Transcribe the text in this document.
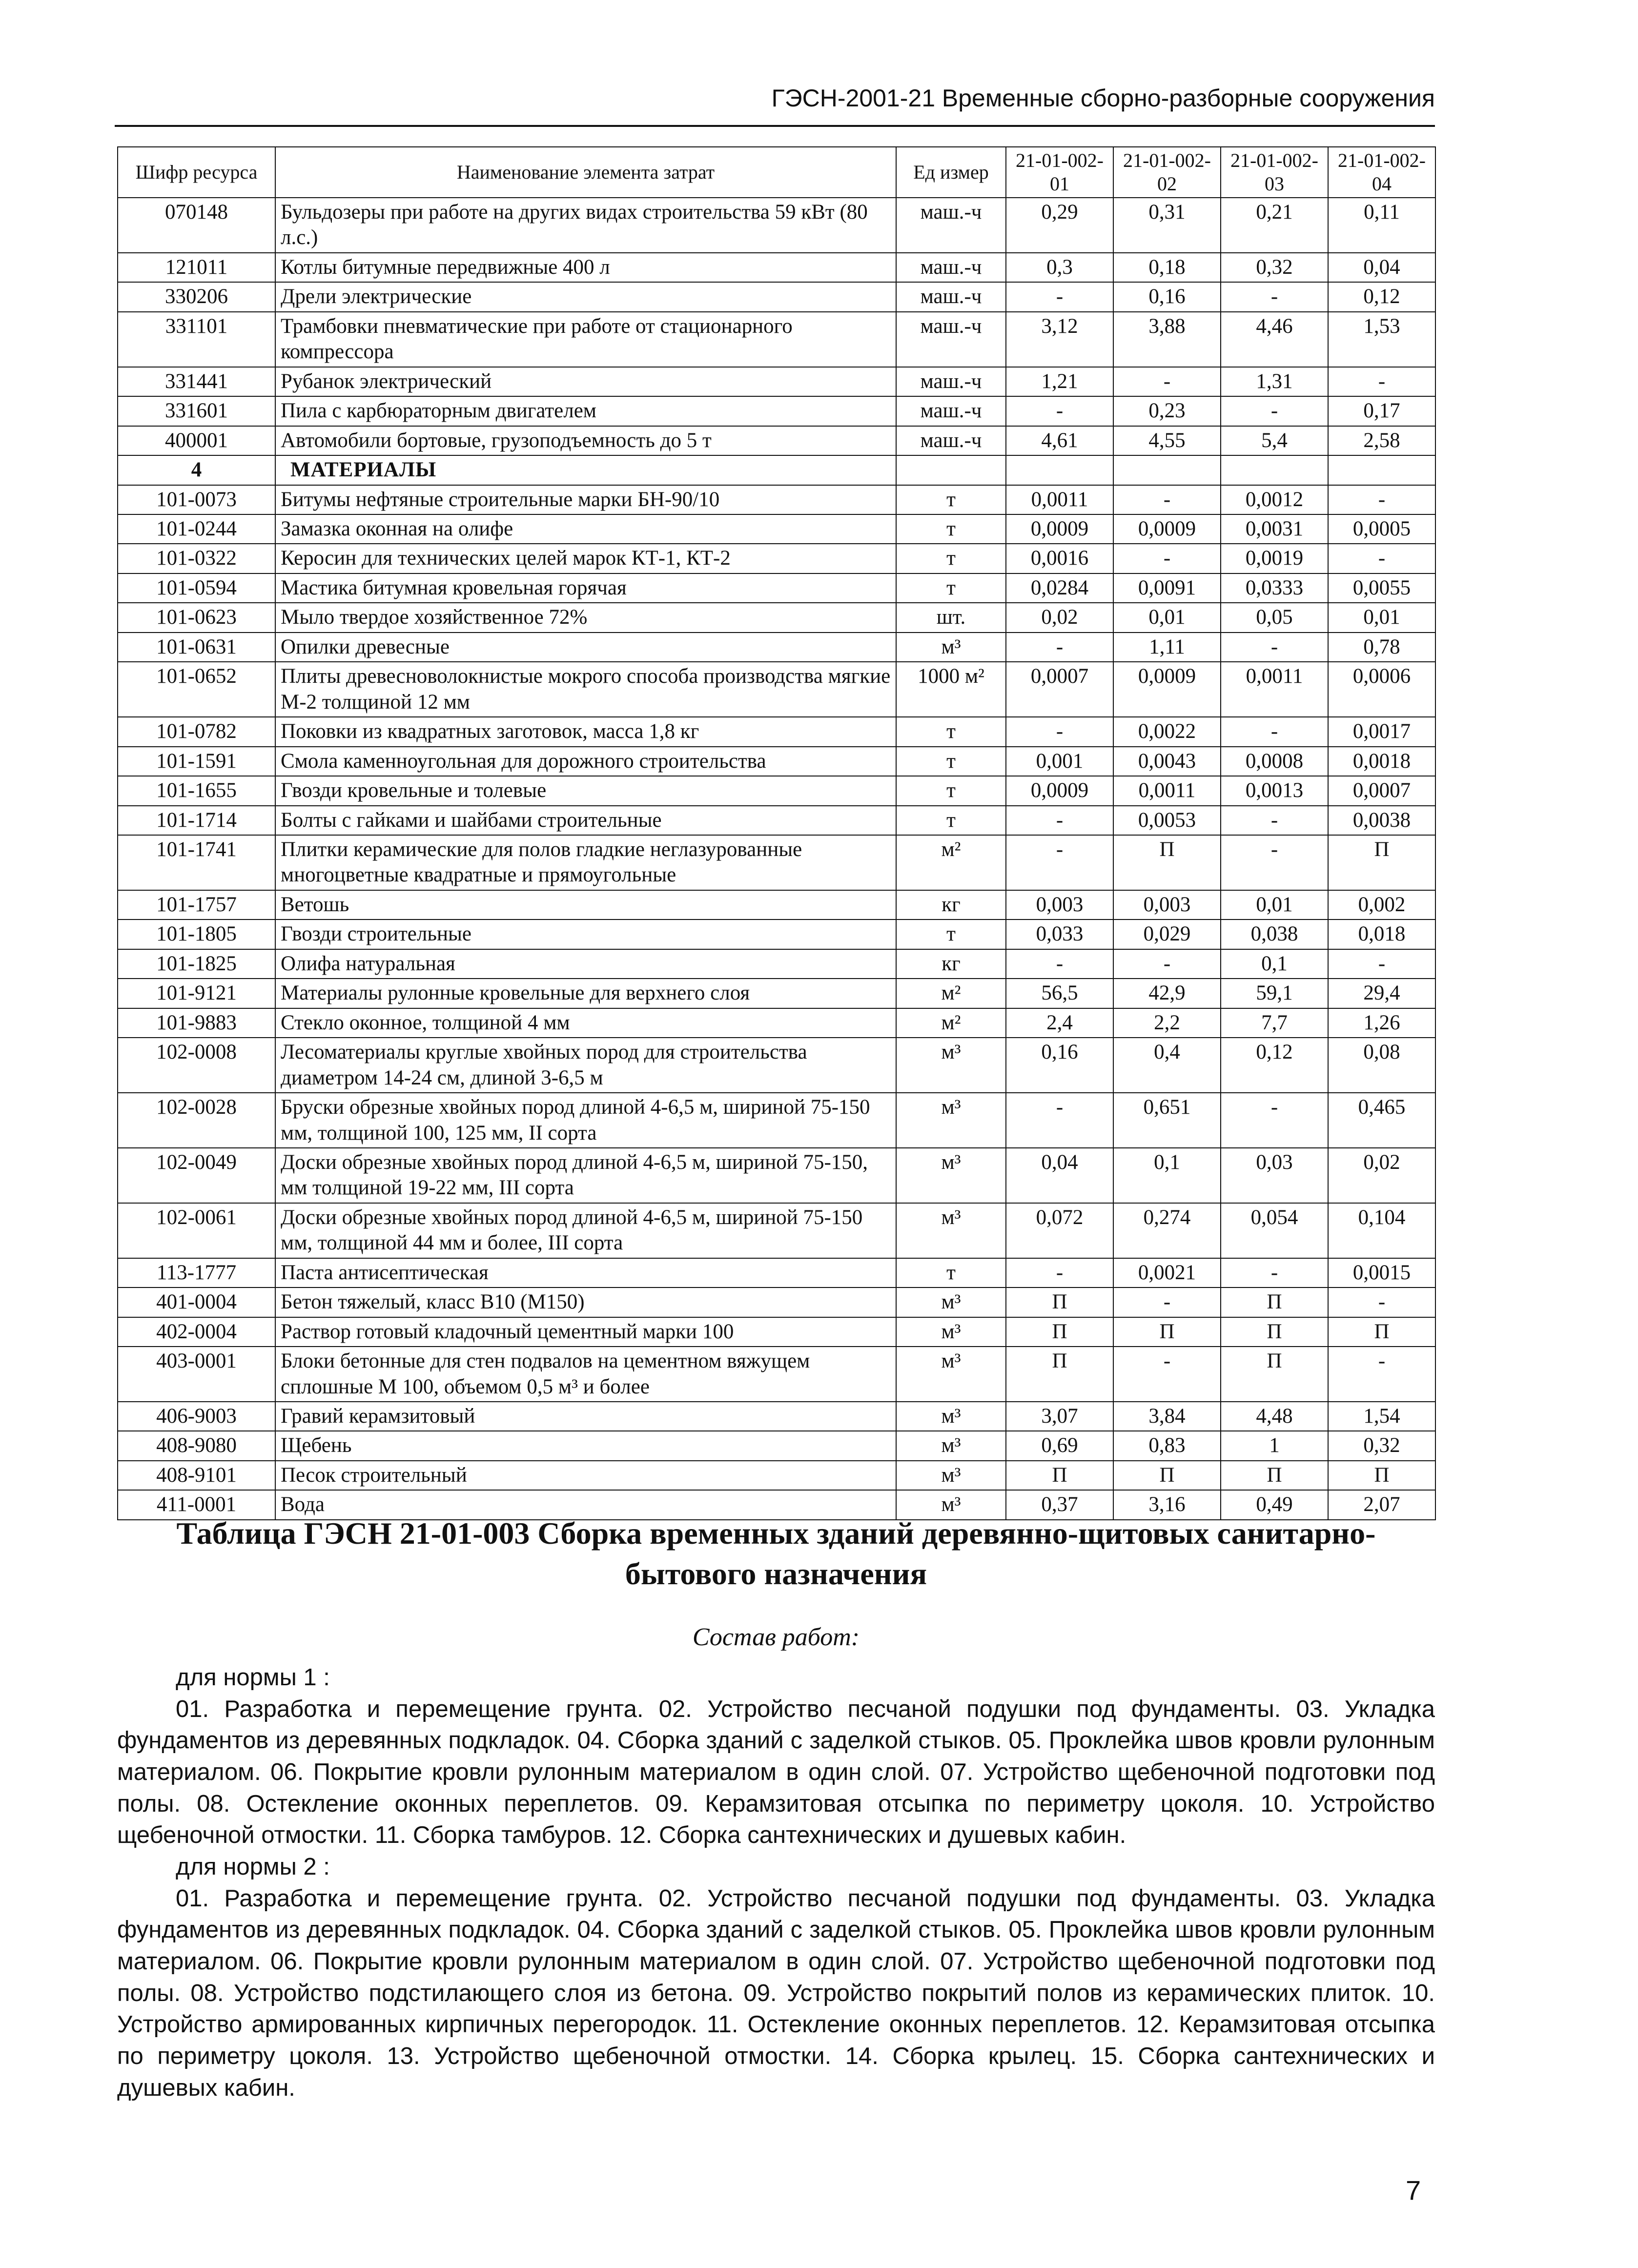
ГЭСН-2001-21 Временные сборно-разборные сооружения
Шифр ресурса	Наименование элемента затрат	Ед измер	21-01-002-01	21-01-002-02	21-01-002-03	21-01-002-04
070148	Бульдозеры при работе на других видах строительства 59 кВт (80 л.с.)	маш.-ч	0,29	0,31	0,21	0,11
121011	Котлы битумные передвижные 400 л	маш.-ч	0,3	0,18	0,32	0,04
330206	Дрели электрические	маш.-ч	-	0,16	-	0,12
331101	Трамбовки пневматические при работе от стационарного компрессора	маш.-ч	3,12	3,88	4,46	1,53
331441	Рубанок электрический	маш.-ч	1,21	-	1,31	-
331601	Пила с карбюраторным двигателем	маш.-ч	-	0,23	-	0,17
400001	Автомобили бортовые, грузоподъемность до 5 т	маш.-ч	4,61	4,55	5,4	2,58
4	МАТЕРИАЛЫ					
101-0073	Битумы нефтяные строительные марки БН-90/10	т	0,0011	-	0,0012	-
101-0244	Замазка оконная на олифе	т	0,0009	0,0009	0,0031	0,0005
101-0322	Керосин для технических целей марок КТ-1, КТ-2	т	0,0016	-	0,0019	-
101-0594	Мастика битумная кровельная горячая	т	0,0284	0,0091	0,0333	0,0055
101-0623	Мыло твердое хозяйственное 72%	шт.	0,02	0,01	0,05	0,01
101-0631	Опилки древесные	м³	-	1,11	-	0,78
101-0652	Плиты древесноволокнистые мокрого способа производства мягкие М-2 толщиной 12 мм	1000 м²	0,0007	0,0009	0,0011	0,0006
101-0782	Поковки из квадратных заготовок, масса 1,8 кг	т	-	0,0022	-	0,0017
101-1591	Смола каменноугольная для дорожного строительства	т	0,001	0,0043	0,0008	0,0018
101-1655	Гвозди кровельные и толевые	т	0,0009	0,0011	0,0013	0,0007
101-1714	Болты с гайками и шайбами строительные	т	-	0,0053	-	0,0038
101-1741	Плитки керамические для полов гладкие неглазурованные многоцветные квадратные и прямоугольные	м²	-	П	-	П
101-1757	Ветошь	кг	0,003	0,003	0,01	0,002
101-1805	Гвозди строительные	т	0,033	0,029	0,038	0,018
101-1825	Олифа натуральная	кг	-	-	0,1	-
101-9121	Материалы рулонные кровельные для верхнего слоя	м²	56,5	42,9	59,1	29,4
101-9883	Стекло оконное, толщиной 4 мм	м²	2,4	2,2	7,7	1,26
102-0008	Лесоматериалы круглые хвойных пород для строительства диаметром 14-24 см, длиной 3-6,5 м	м³	0,16	0,4	0,12	0,08
102-0028	Бруски обрезные хвойных пород длиной 4-6,5 м, шириной 75-150 мм, толщиной 100, 125 мм, II сорта	м³	-	0,651	-	0,465
102-0049	Доски обрезные хвойных пород длиной 4-6,5 м, шириной 75-150, мм толщиной 19-22 мм, III сорта	м³	0,04	0,1	0,03	0,02
102-0061	Доски обрезные хвойных пород длиной 4-6,5 м, шириной 75-150 мм, толщиной 44 мм и более, III сорта	м³	0,072	0,274	0,054	0,104
113-1777	Паста антисептическая	т	-	0,0021	-	0,0015
401-0004	Бетон тяжелый, класс В10 (М150)	м³	П	-	П	-
402-0004	Раствор готовый кладочный цементный марки 100	м³	П	П	П	П
403-0001	Блоки бетонные для стен подвалов на цементном вяжущем сплошные М 100, объемом 0,5 м³ и более	м³	П	-	П	-
406-9003	Гравий керамзитовый	м³	3,07	3,84	4,48	1,54
408-9080	Щебень	м³	0,69	0,83	1	0,32
408-9101	Песок строительный	м³	П	П	П	П
411-0001	Вода	м³	0,37	3,16	0,49	2,07
Таблица ГЭСН 21-01-003 Сборка временных зданий деревянно-щитовых санитарно-
бытового назначения
Состав работ:

для нормы 1 :

01. Разработка и перемещение грунта. 02. Устройство песчаной подушки под фундаменты. 03. Укладка фундаментов из деревянных подкладок. 04. Сборка зданий с заделкой стыков. 05. Проклейка швов кровли рулонным материалом. 06. Покрытие кровли рулонным материалом в один слой. 07. Устройство щебеночной подготовки под полы. 08. Остекление оконных переплетов. 09. Керамзитовая отсыпка по периметру цоколя. 10. Устройство щебеночной отмостки. 11. Сборка тамбуров. 12. Сборка сантехнических и душевых кабин.

для нормы 2 :

01. Разработка и перемещение грунта. 02. Устройство песчаной подушки под фундаменты. 03. Укладка фундаментов из деревянных подкладок. 04. Сборка зданий с заделкой стыков. 05. Проклейка швов кровли рулонным материалом. 06. Покрытие кровли рулонным материалом в один слой. 07. Устройство щебеночной подготовки под полы. 08. Устройство подстилающего слоя из бетона. 09. Устройство покрытий полов из керамических плиток. 10. Устройство армированных кирпичных перегородок. 11. Остекление оконных переплетов. 12. Керамзитовая отсыпка по периметру цоколя. 13. Устройство щебеночной отмостки. 14. Сборка крылец. 15. Сборка сантехнических и душевых кабин.

7
